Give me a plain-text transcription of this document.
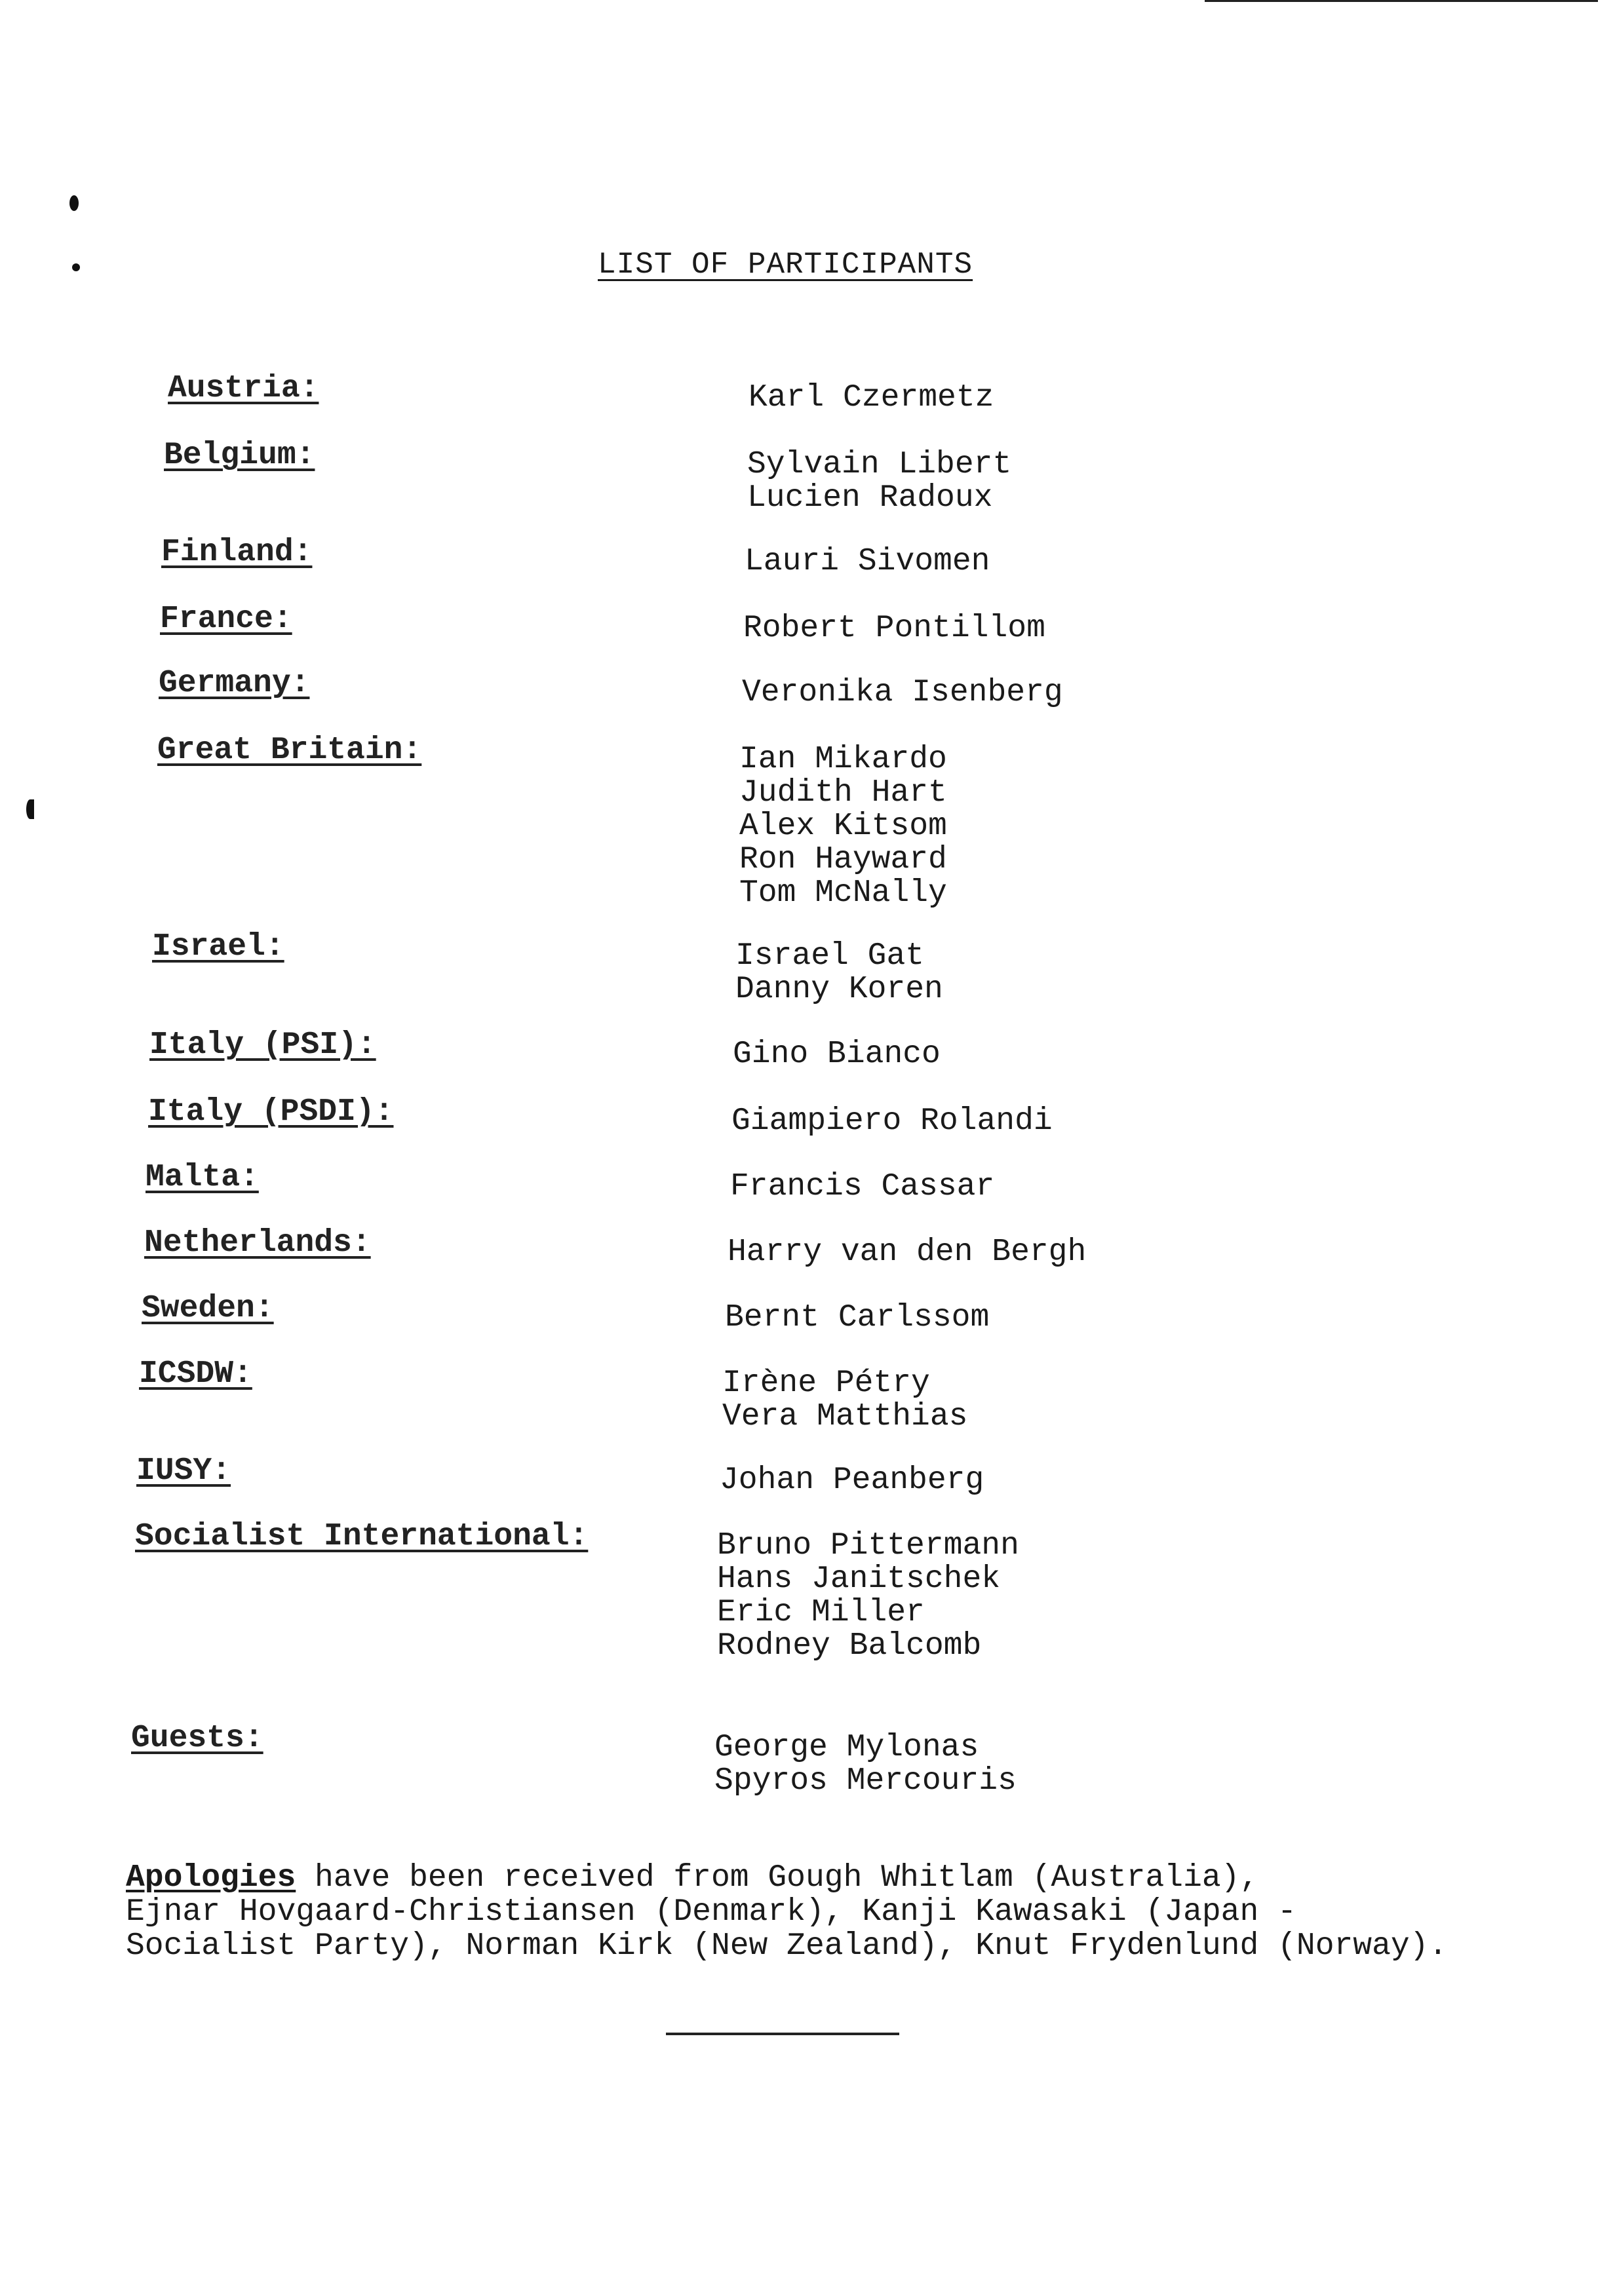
LIST OF PARTICIPANTS
Austria:	Karl Czermetz
Belgium:	Sylvain Libert
Lucien Radoux
Finland:	Lauri Sivomen
France:	Robert Pontillom
Germany:	Veronika Isenberg
Great Britain:	Ian Mikardo
Judith Hart
Alex Kitsom
Ron Hayward
Tom McNally
Israel:	Israel Gat
Danny Koren
Italy (PSI):	Gino Bianco
Italy (PSDI):	Giampiero Rolandi
Malta:	Francis Cassar
Netherlands:	Harry van den Bergh
Sweden:	Bernt Carlssom
ICSDW:	Irène Pétry
Vera Matthias
IUSY:	Johan Peanberg
Socialist International:	Bruno Pittermann
Hans Janitschek
Eric Miller
Rodney Balcomb
Guests:	George Mylonas
Spyros Mercouris
Apologies have been received from Gough Whitlam (Australia),
Ejnar Hovgaard-Christiansen (Denmark), Kanji Kawasaki (Japan -
Socialist Party), Norman Kirk (New Zealand), Knut Frydenlund (Norway).
